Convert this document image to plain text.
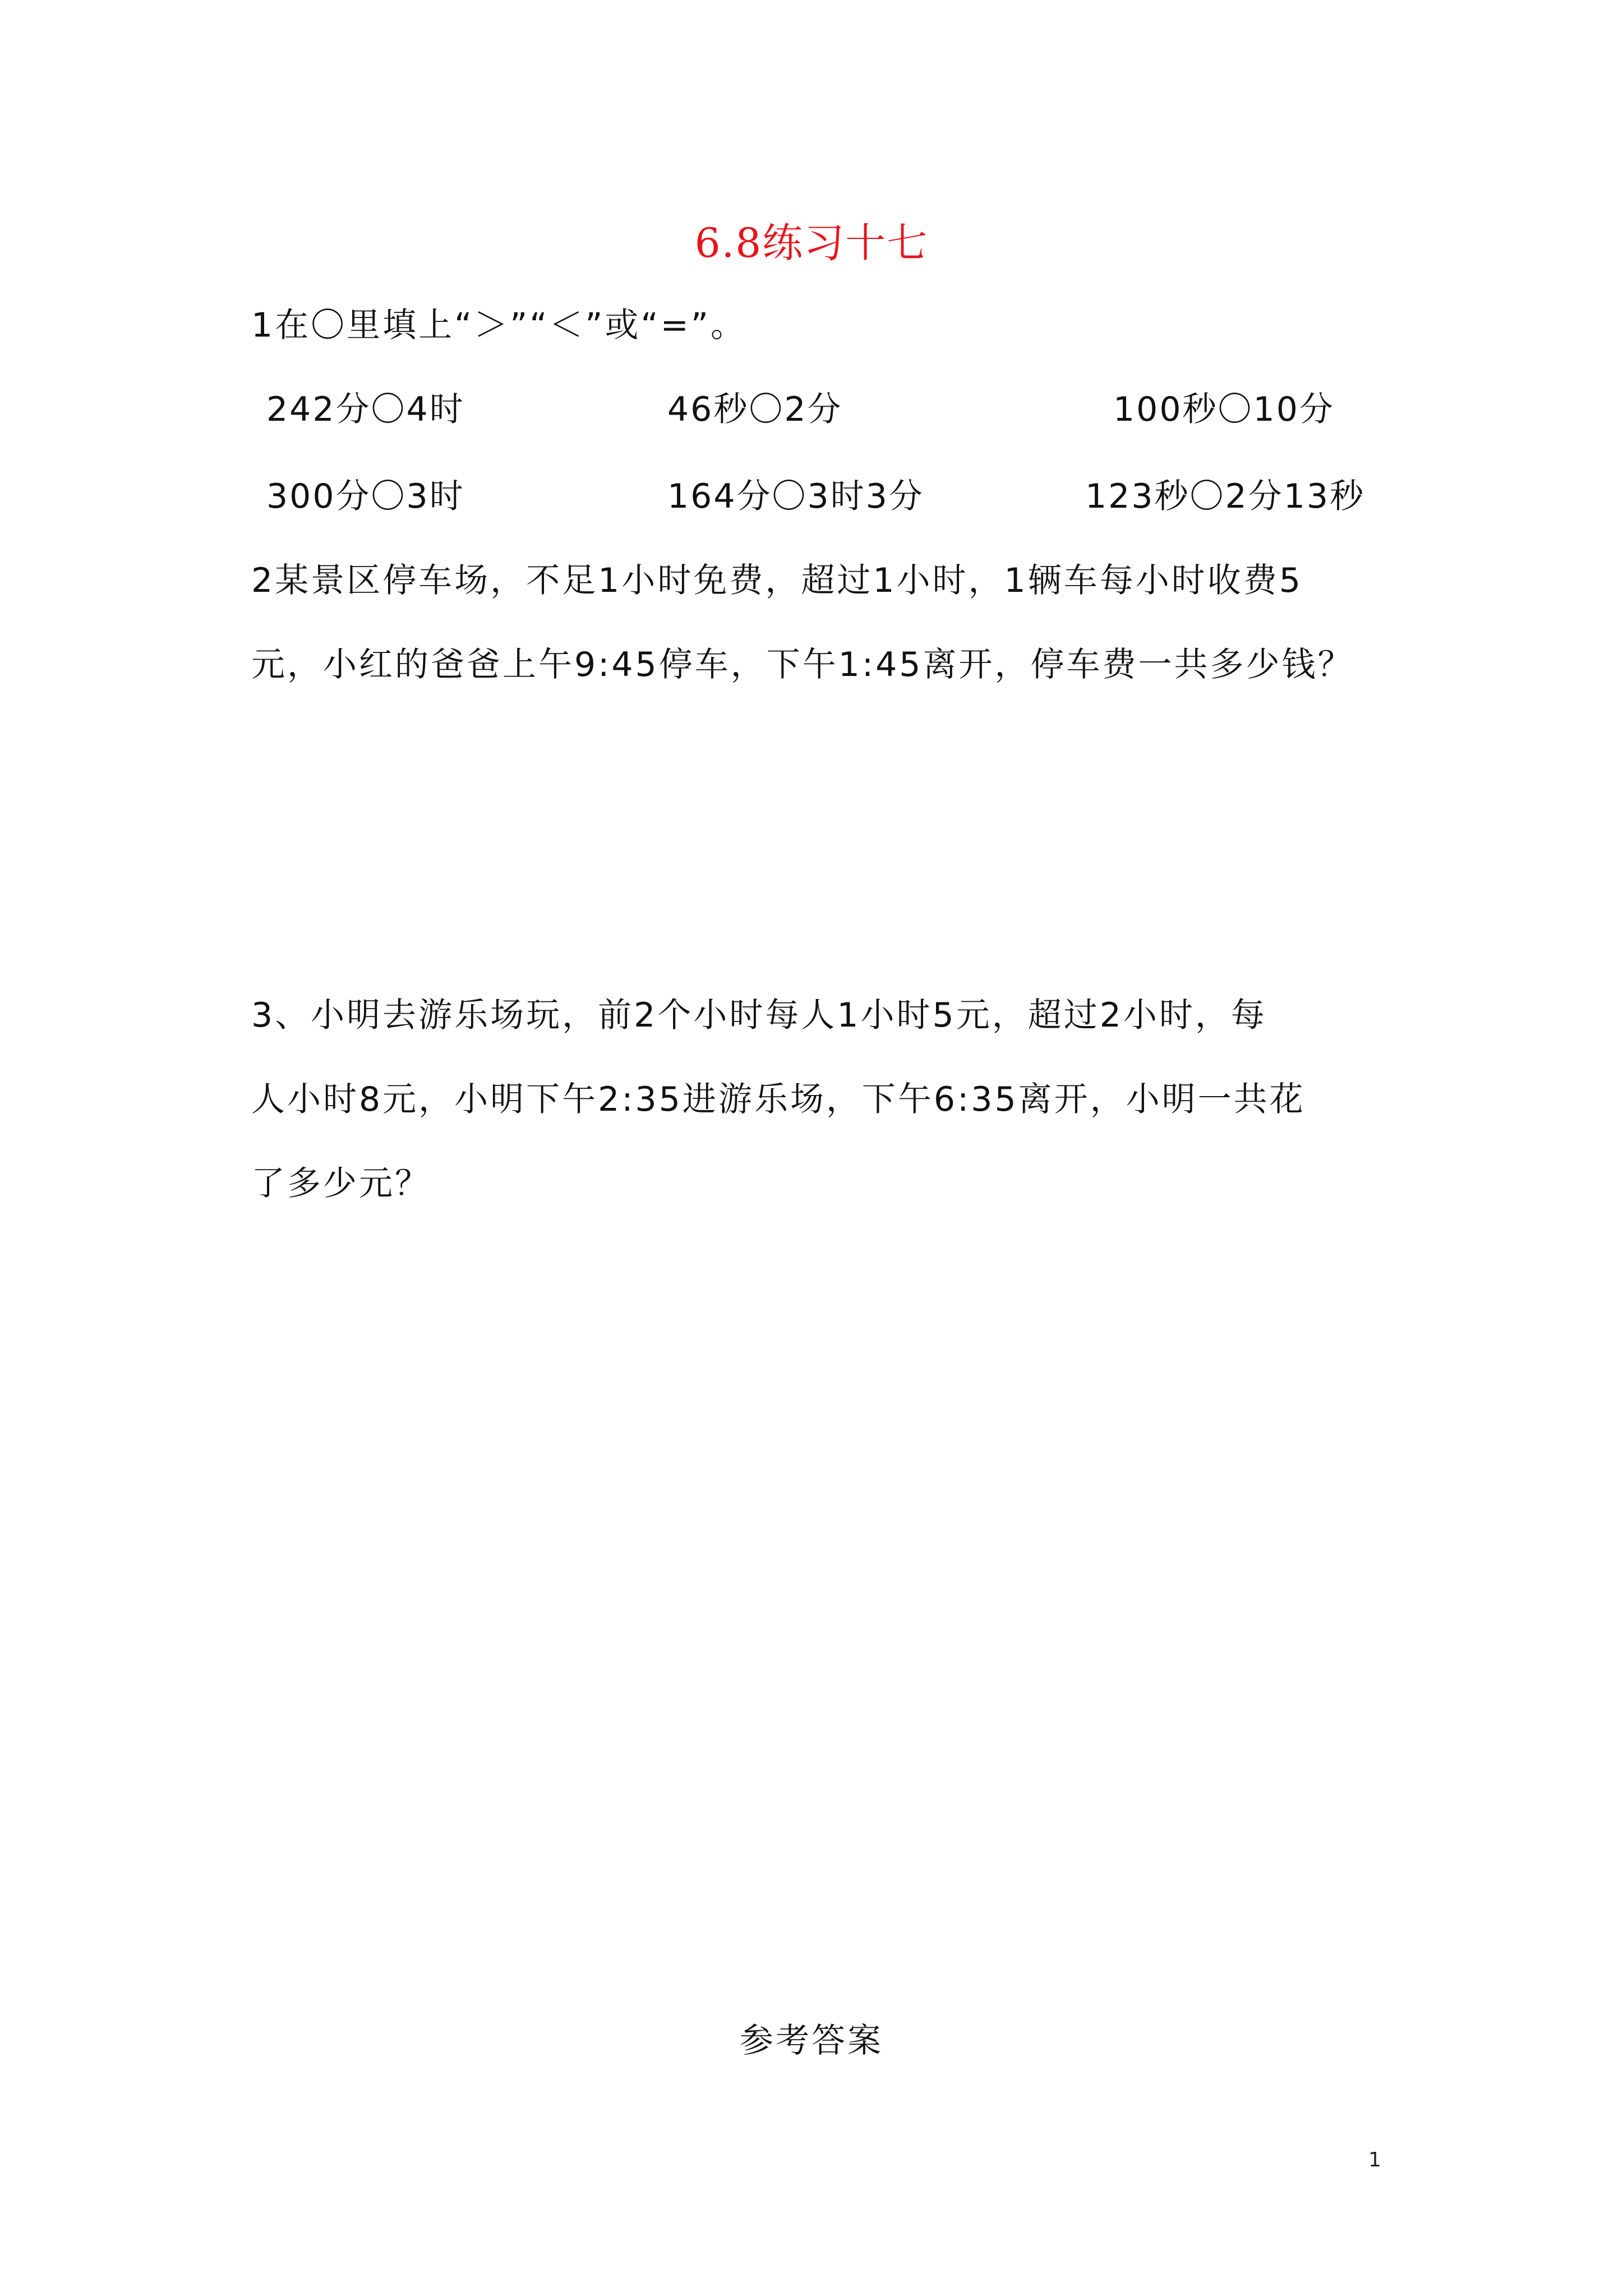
6.8练习十七
1在〇里填上“＞”“＜”或“=”。
242分〇4时	46秒〇2分	100秒〇10分
300分〇3时	164分〇3时3分	123秒〇2分13秒
2某景区停车场，不足1小时免费，超过1小时，1辆车每小时收费5
元，小红的爸爸上午9:45停车，下午1:45离开，停车费一共多少钱？
3、小明去游乐场玩，前2个小时每人1小时5元，超过2小时，每
人小时8元，小明下午2:35进游乐场，下午6:35离开，小明一共花
了多少元？
参考答案
1
